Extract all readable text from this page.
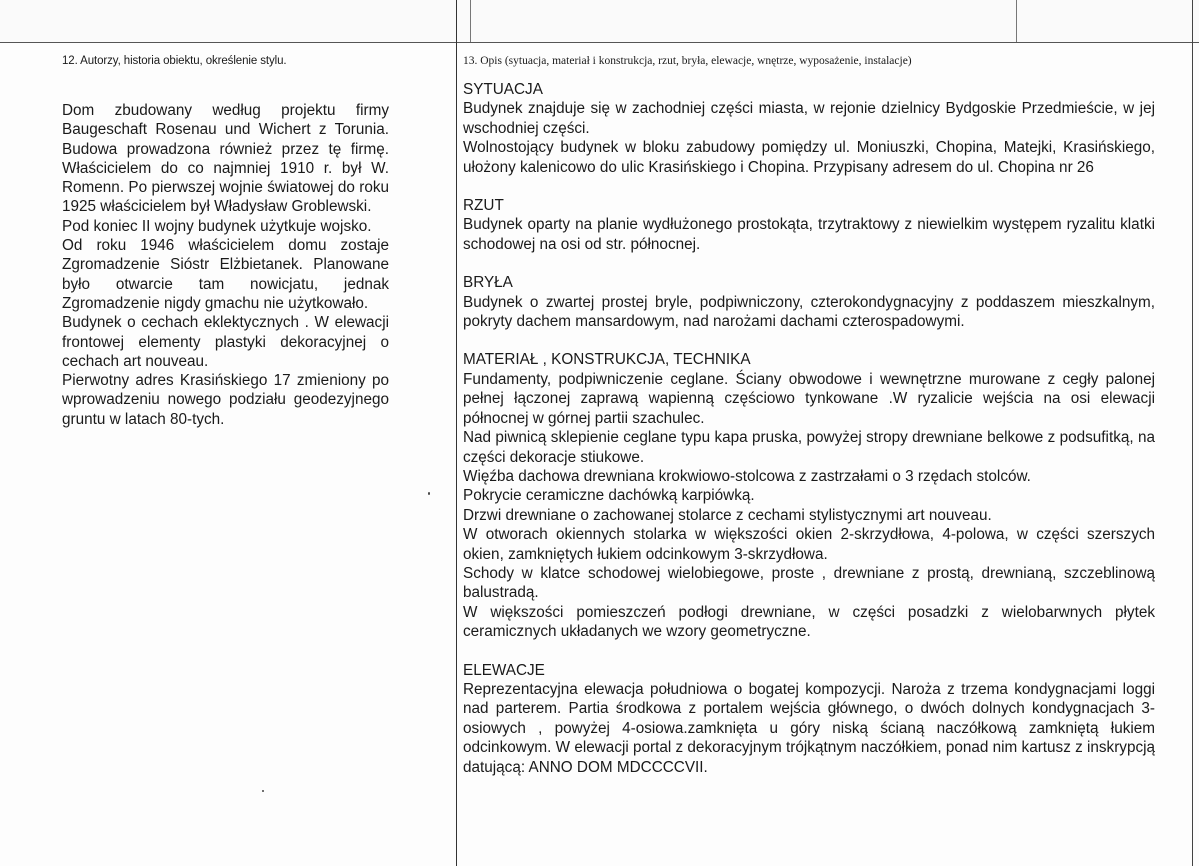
12. Autorzy, historia obiektu, określenie stylu.	13. Opis (sytuacja, materiał i konstrukcja, rzut, bryła, elewacje, wnętrze, wyposażenie, instalacje)

Dom zbudowany według projektu firmy Baugeschaft Rosenau und Wichert z Torunia. Budowa prowadzona również przez tę firmę. Właścicielem do co najmniej 1910 r. był W. Romenn. Po pierwszej wojnie światowej do roku 1925 właścicielem był Władysław Groblewski.

Pod koniec II wojny budynek użytkuje wojsko.

Od roku 1946 właścicielem domu zostaje Zgromadzenie Sióstr Elżbietanek. Planowane było otwarcie tam nowicjatu, jednak Zgromadzenie nigdy gmachu nie użytkowało.

Budynek o cechach eklektycznych . W elewacji frontowej elementy plastyki dekoracyjnej o cechach art nouveau.

Pierwotny adres Krasińskiego 17 zmieniony po wprowadzeniu nowego podziału geodezyjnego gruntu w latach 80-tych.

SYTUACJA

Budynek znajduje się w zachodniej części miasta, w rejonie dzielnicy Bydgoskie Przedmieście, w jej wschodniej części.

Wolnostojący budynek w bloku zabudowy pomiędzy ul. Moniuszki, Chopina, Matejki, Krasińskiego, ułożony kalenicowo do ulic Krasińskiego i Chopina. Przypisany adresem do ul. Chopina nr 26

RZUT

Budynek oparty na planie wydłużonego prostokąta, trzytraktowy z niewielkim występem ryzalitu klatki schodowej na osi od str. północnej.

BRYŁA

Budynek o zwartej prostej bryle, podpiwniczony, czterokondygnacyjny z poddaszem mieszkalnym, pokryty dachem mansardowym, nad narożami dachami czterospadowymi.

MATERIAŁ , KONSTRUKCJA, TECHNIKA

Fundamenty, podpiwniczenie ceglane. Ściany obwodowe i wewnętrzne murowane z cegły palonej pełnej łączonej zaprawą wapienną częściowo tynkowane .W ryzalicie wejścia na osi elewacji północnej w górnej partii szachulec.

Nad piwnicą sklepienie ceglane typu kapa pruska, powyżej stropy drewniane belkowe z podsufitką, na części dekoracje stiukowe.

Więźba dachowa drewniana krokwiowo-stolcowa z zastrzałami o 3 rzędach stolców.

Pokrycie ceramiczne dachówką karpiówką.

Drzwi drewniane o zachowanej stolarce z cechami stylistycznymi art nouveau.

W otworach okiennych stolarka w większości okien 2-skrzydłowa, 4-polowa, w części szerszych okien, zamkniętych łukiem odcinkowym 3-skrzydłowa.

Schody w klatce schodowej wielobiegowe, proste , drewniane z prostą, drewnianą, szczeblinową balustradą.

W większości pomieszczeń podłogi drewniane, w części posadzki z wielobarwnych płytek ceramicznych układanych we wzory geometryczne.

ELEWACJE

Reprezentacyjna elewacja południowa o bogatej kompozycji. Naroża z trzema kondygnacjami loggi nad parterem. Partia środkowa z portalem wejścia głównego, o dwóch dolnych kondygnacjach 3-osiowych , powyżej 4-osiowa.zamknięta u góry niską ścianą naczółkową zamkniętą łukiem odcinkowym. W elewacji portal z dekoracyjnym trójkątnym naczółkiem, ponad nim kartusz z inskrypcją datującą: ANNO DOM MDCCCCVII.
